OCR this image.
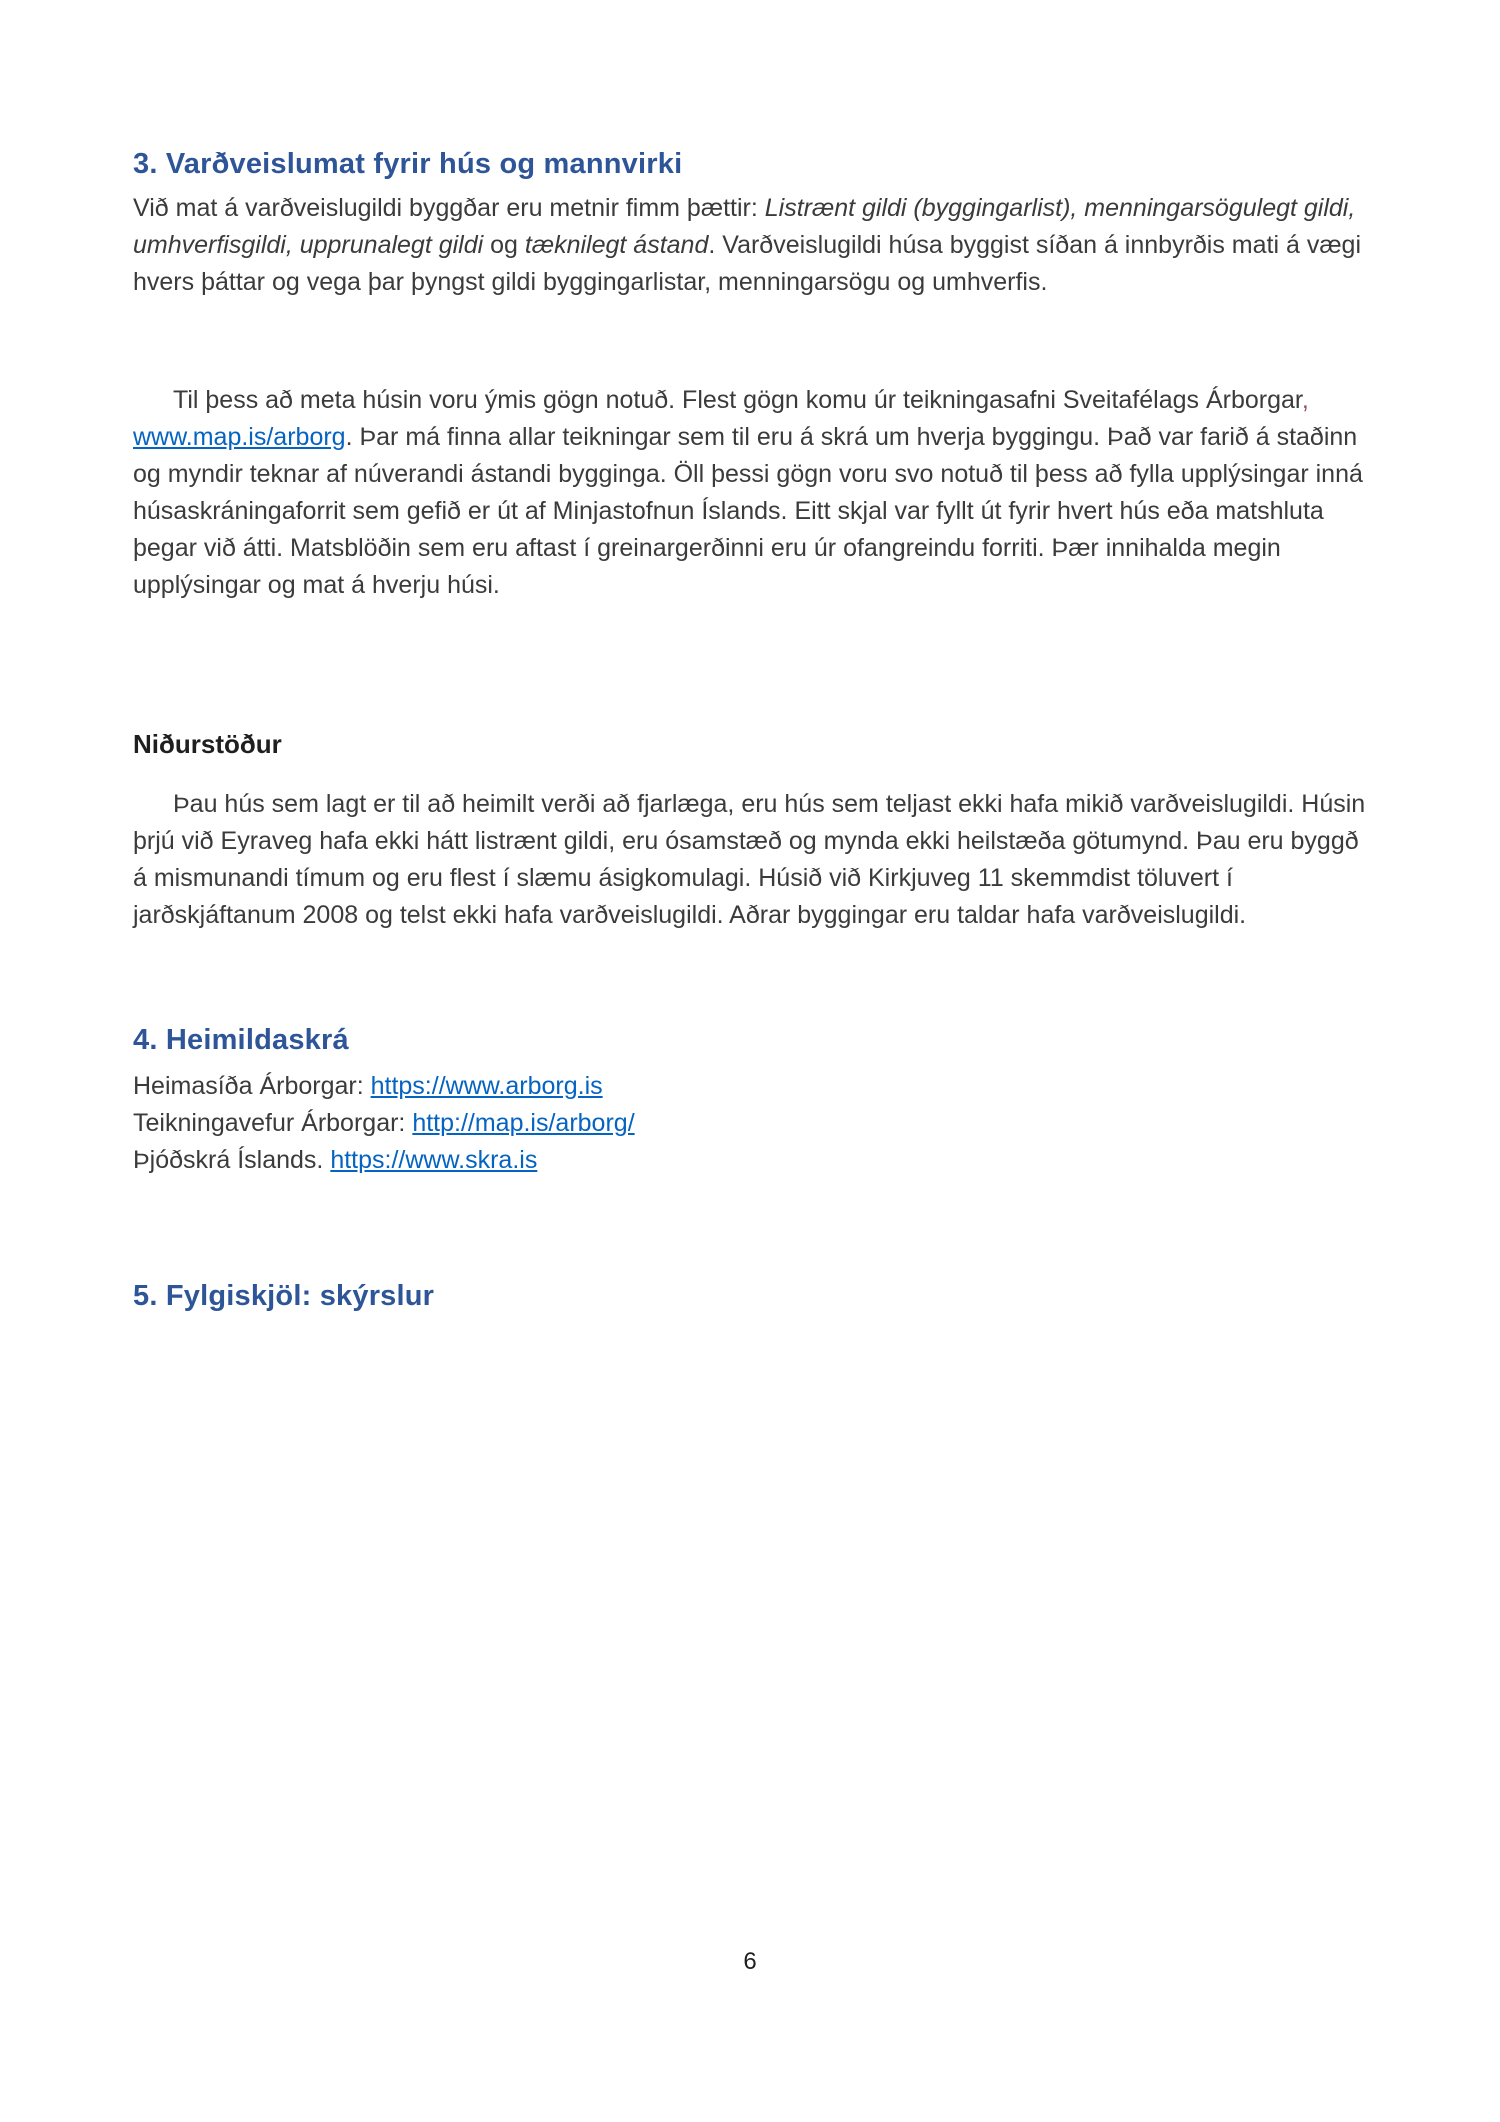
3. Varðveislumat fyrir hús og mannvirki

Við mat á varðveislugildi byggðar eru metnir fimm þættir: Listrænt gildi (byggingarlist), menningarsögulegt gildi, umhverfisgildi, upprunalegt gildi og tæknilegt ástand. Varðveislugildi húsa byggist síðan á innbyrðis mati á vægi hvers þáttar og vega þar þyngst gildi byggingarlistar, menningarsögu og umhverfis.

Til þess að meta húsin voru ýmis gögn notuð. Flest gögn komu úr teikningasafni Sveitafélags Árborgar, www.map.is/arborg. Þar má finna allar teikningar sem til eru á skrá um hverja byggingu. Það var farið á staðinn og myndir teknar af núverandi ástandi bygginga. Öll þessi gögn voru svo notuð til þess að fylla upplýsingar inná húsaskráningaforrit sem gefið er út af Minjastofnun Íslands. Eitt skjal var fyllt út fyrir hvert hús eða matshluta þegar við átti. Matsblöðin sem eru aftast í greinargerðinni eru úr ofangreindu forriti. Þær innihalda megin upplýsingar og mat á hverju húsi.

Niðurstöður

Þau hús sem lagt er til að heimilt verði að fjarlæga, eru hús sem teljast ekki hafa mikið varðveislugildi. Húsin þrjú við Eyraveg hafa ekki hátt listrænt gildi, eru ósamstæð og mynda ekki heilstæða götumynd. Þau eru byggð á mismunandi tímum og eru flest í slæmu ásigkomulagi. Húsið við Kirkjuveg 11 skemmdist töluvert í jarðskjáftanum 2008 og telst ekki hafa varðveislugildi. Aðrar byggingar eru taldar hafa varðveislugildi.

4. Heimildaskrá
Heimasíða Árborgar: https://www.arborg.is
Teikningavefur Árborgar: http://map.is/arborg/
Þjóðskrá Íslands. https://www.skra.is
5. Fylgiskjöl: skýrslur
6
